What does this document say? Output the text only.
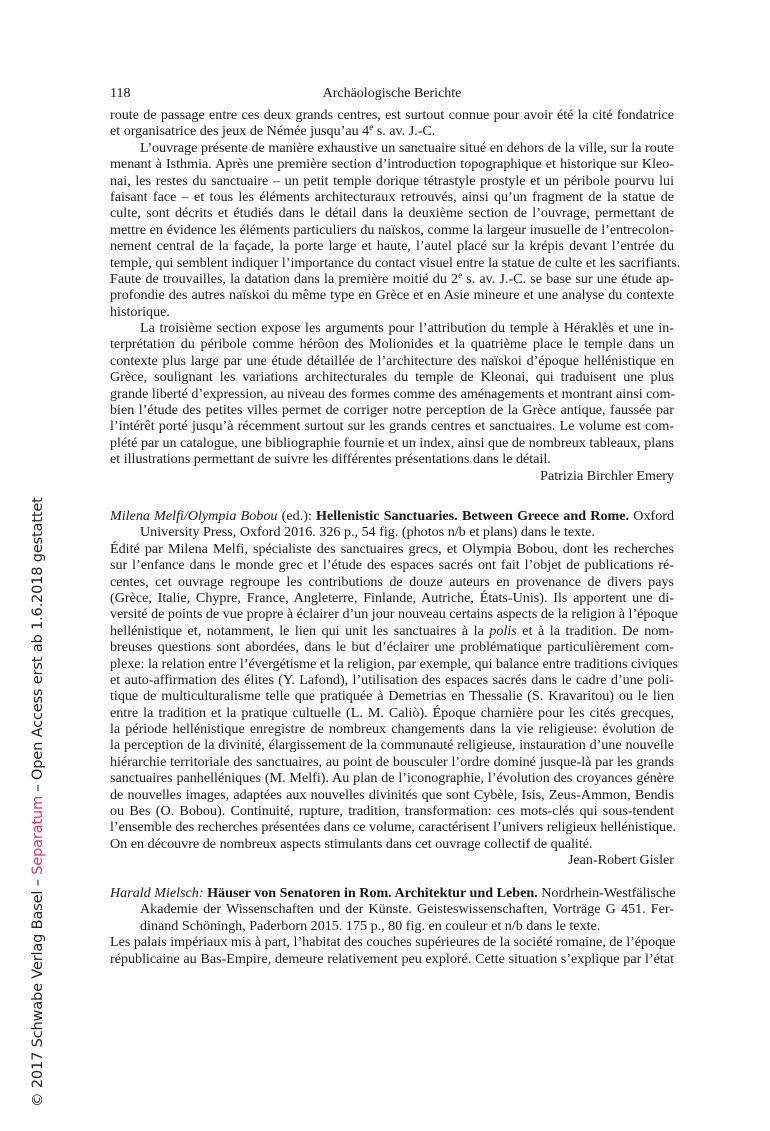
118	Archäologische Berichte
route de passage entre ces deux grands centres, est surtout connue pour avoir été la cité fondatrice
et organisatrice des jeux de Némée jusqu’au 4e s. av. J.-C.
L’ouvrage présente de manière exhaustive un sanctuaire situé en dehors de la ville, sur la route
menant à Isthmia. Après une première section d’introduction topographique et historique sur Kleo-
nai, les restes du sanctuaire – un petit temple dorique tétrastyle prostyle et un péribole pourvu lui
faisant face – et tous les éléments architecturaux retrouvés, ainsi qu’un fragment de la statue de
culte, sont décrits et étudiés dans le détail dans la deuxième section de l’ouvrage, permettant de
mettre en évidence les éléments particuliers du naïskos, comme la largeur inusuelle de l’entrecolon-
nement central de la façade, la porte large et haute, l’autel placé sur la krépis devant l’entrée du
temple, qui semblent indiquer l’importance du contact visuel entre la statue de culte et les sacrifiants.
Faute de trouvailles, la datation dans la première moitié du 2e s. av. J.-C. se base sur une étude ap-
profondie des autres naïskoi du même type en Grèce et en Asie mineure et une analyse du contexte
historique.
La troisième section expose les arguments pour l’attribution du temple à Héraklès et une in-
terprétation du péribole comme hérôon des Molionides et la quatrième place le temple dans un
contexte plus large par une étude détaillée de l’architecture des naïskoi d’époque hellénistique en
Grèce, soulignant les variations architecturales du temple de Kleonai, qui traduisent une plus
grande liberté d’expression, au niveau des formes comme des aménagements et montrant ainsi com-
bien l’étude des petites villes permet de corriger notre perception de la Grèce antique, faussée par
l’intérêt porté jusqu’à récemment surtout sur les grands centres et sanctuaires. Le volume est com-
plété par un catalogue, une bibliographie fournie et un index, ainsi que de nombreux tableaux, plans
et illustrations permettant de suivre les différentes présentations dans le détail.
Patrizia Birchler Emery
Milena Melfi/Olympia Bobou (ed.): Hellenistic Sanctuaries. Between Greece and Rome. Oxford
University Press, Oxford 2016. 326 p., 54 fig. (photos n/b et plans) dans le texte.
Édité par Milena Melfi, spécialiste des sanctuaires grecs, et Olympia Bobou, dont les recherches
sur l’enfance dans le monde grec et l’étude des espaces sacrés ont fait l’objet de publications ré-
centes, cet ouvrage regroupe les contributions de douze auteurs en provenance de divers pays
(Grèce, Italie, Chypre, France, Angleterre, Finlande, Autriche, États-Unis). Ils apportent une di-
versité de points de vue propre à éclairer d’un jour nouveau certains aspects de la religion à l’époque
hellénistique et, notamment, le lien qui unit les sanctuaires à la polis et à la tradition. De nom-
breuses questions sont abordées, dans le but d’éclairer une problématique particulièrement com-
plexe: la relation entre l’évergétisme et la religion, par exemple, qui balance entre traditions civiques
et auto-affirmation des élites (Y. Lafond), l’utilisation des espaces sacrés dans le cadre d’une poli-
tique de multiculturalisme telle que pratiquée à Demetrias en Thessalie (S. Kravaritou) ou le lien
entre la tradition et la pratique cultuelle (L. M. Caliò). Époque charnière pour les cités grecques,
la période hellénistique enregistre de nombreux changements dans la vie religieuse: évolution de
la perception de la divinité, élargissement de la communauté religieuse, instauration d’une nouvelle
hiérarchie territoriale des sanctuaires, au point de bousculer l’ordre dominé jusque-là par les grands
sanctuaires panhelléniques (M. Melfi). Au plan de l’iconographie, l’évolution des croyances génère
de nouvelles images, adaptées aux nouvelles divinités que sont Cybèle, Isis, Zeus-Ammon, Bendis
ou Bes (O. Bobou). Continuité, rupture, tradition, transformation: ces mots-clés qui sous-tendent
l’ensemble des recherches présentées dans ce volume, caractérisent l’univers religieux hellénistique.
On en découvre de nombreux aspects stimulants dans cet ouvrage collectif de qualité.
Jean-Robert Gisler
Harald Mielsch: Häuser von Senatoren in Rom. Architektur und Leben. Nordrhein-Westfälische
Akademie der Wissenschaften und der Künste. Geisteswissenschaften, Vorträge G 451. Fer-
dinand Schöningh, Paderborn 2015. 175 p., 80 fig. en couleur et n/b dans le texte.
Les palais impériaux mis à part, l’habitat des couches supérieures de la société romaine, de l’époque
républicaine au Bas-Empire, demeure relativement peu exploré. Cette situation s’explique par l’état
© 2017 Schwabe Verlag Basel – Separatum – Open Access erst ab 1.6.2018 gestattet
